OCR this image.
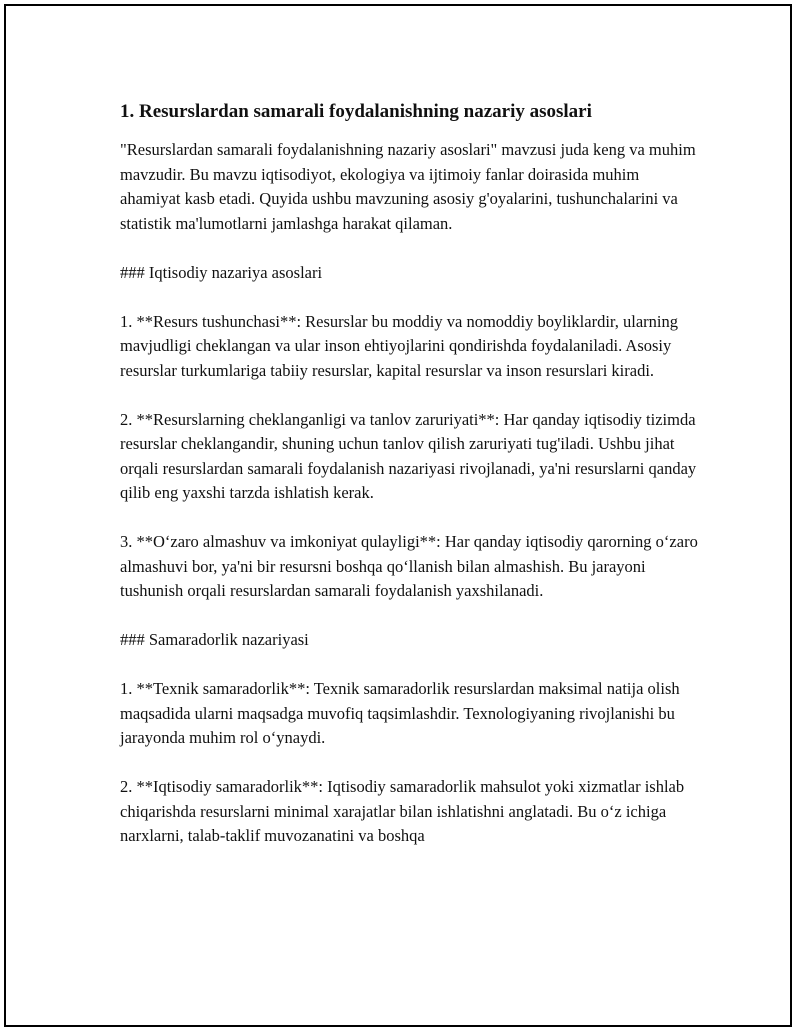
1. Resurslardan samarali foydalanishning nazariy asoslari

"Resurslardan samarali foydalanishning nazariy asoslari" mavzusi juda keng va muhim mavzudir. Bu mavzu iqtisodiyot, ekologiya va ijtimoiy fanlar doirasida muhim ahamiyat kasb etadi. Quyida ushbu mavzuning asosiy g'oyalarini, tushunchalarini va statistik ma'lumotlarni jamlashga harakat qilaman.

### Iqtisodiy nazariya asoslari

1. **Resurs tushunchasi**: Resurslar bu moddiy va nomoddiy boyliklardir, ularning mavjudligi cheklangan va ular inson ehtiyojlarini qondirishda foydalaniladi. Asosiy resurslar turkumlariga tabiiy resurslar, kapital resurslar va inson resurslari kiradi.

2. **Resurslarning cheklanganligi va tanlov zaruriyati**: Har qanday iqtisodiy tizimda resurslar cheklangandir, shuning uchun tanlov qilish zaruriyati tug'iladi. Ushbu jihat orqali resurslardan samarali foydalanish nazariyasi rivojlanadi, ya'ni resurslarni qanday qilib eng yaxshi tarzda ishlatish kerak.

3. **O‘zaro almashuv va imkoniyat qulayligi**: Har qanday iqtisodiy qarorning o‘zaro almashuvi bor, ya'ni bir resursni boshqa qo‘llanish bilan almashish. Bu jarayoni tushunish orqali resurslardan samarali foydalanish yaxshilanadi.

### Samaradorlik nazariyasi

1. **Texnik samaradorlik**: Texnik samaradorlik resurslardan maksimal natija olish maqsadida ularni maqsadga muvofiq taqsimlashdir. Texnologiyaning rivojlanishi bu jarayonda muhim rol o‘ynaydi.

2. **Iqtisodiy samaradorlik**: Iqtisodiy samaradorlik mahsulot yoki xizmatlar ishlab chiqarishda resurslarni minimal xarajatlar bilan ishlatishni anglatadi. Bu o‘z ichiga narxlarni, talab-taklif muvozanatini va boshqa
